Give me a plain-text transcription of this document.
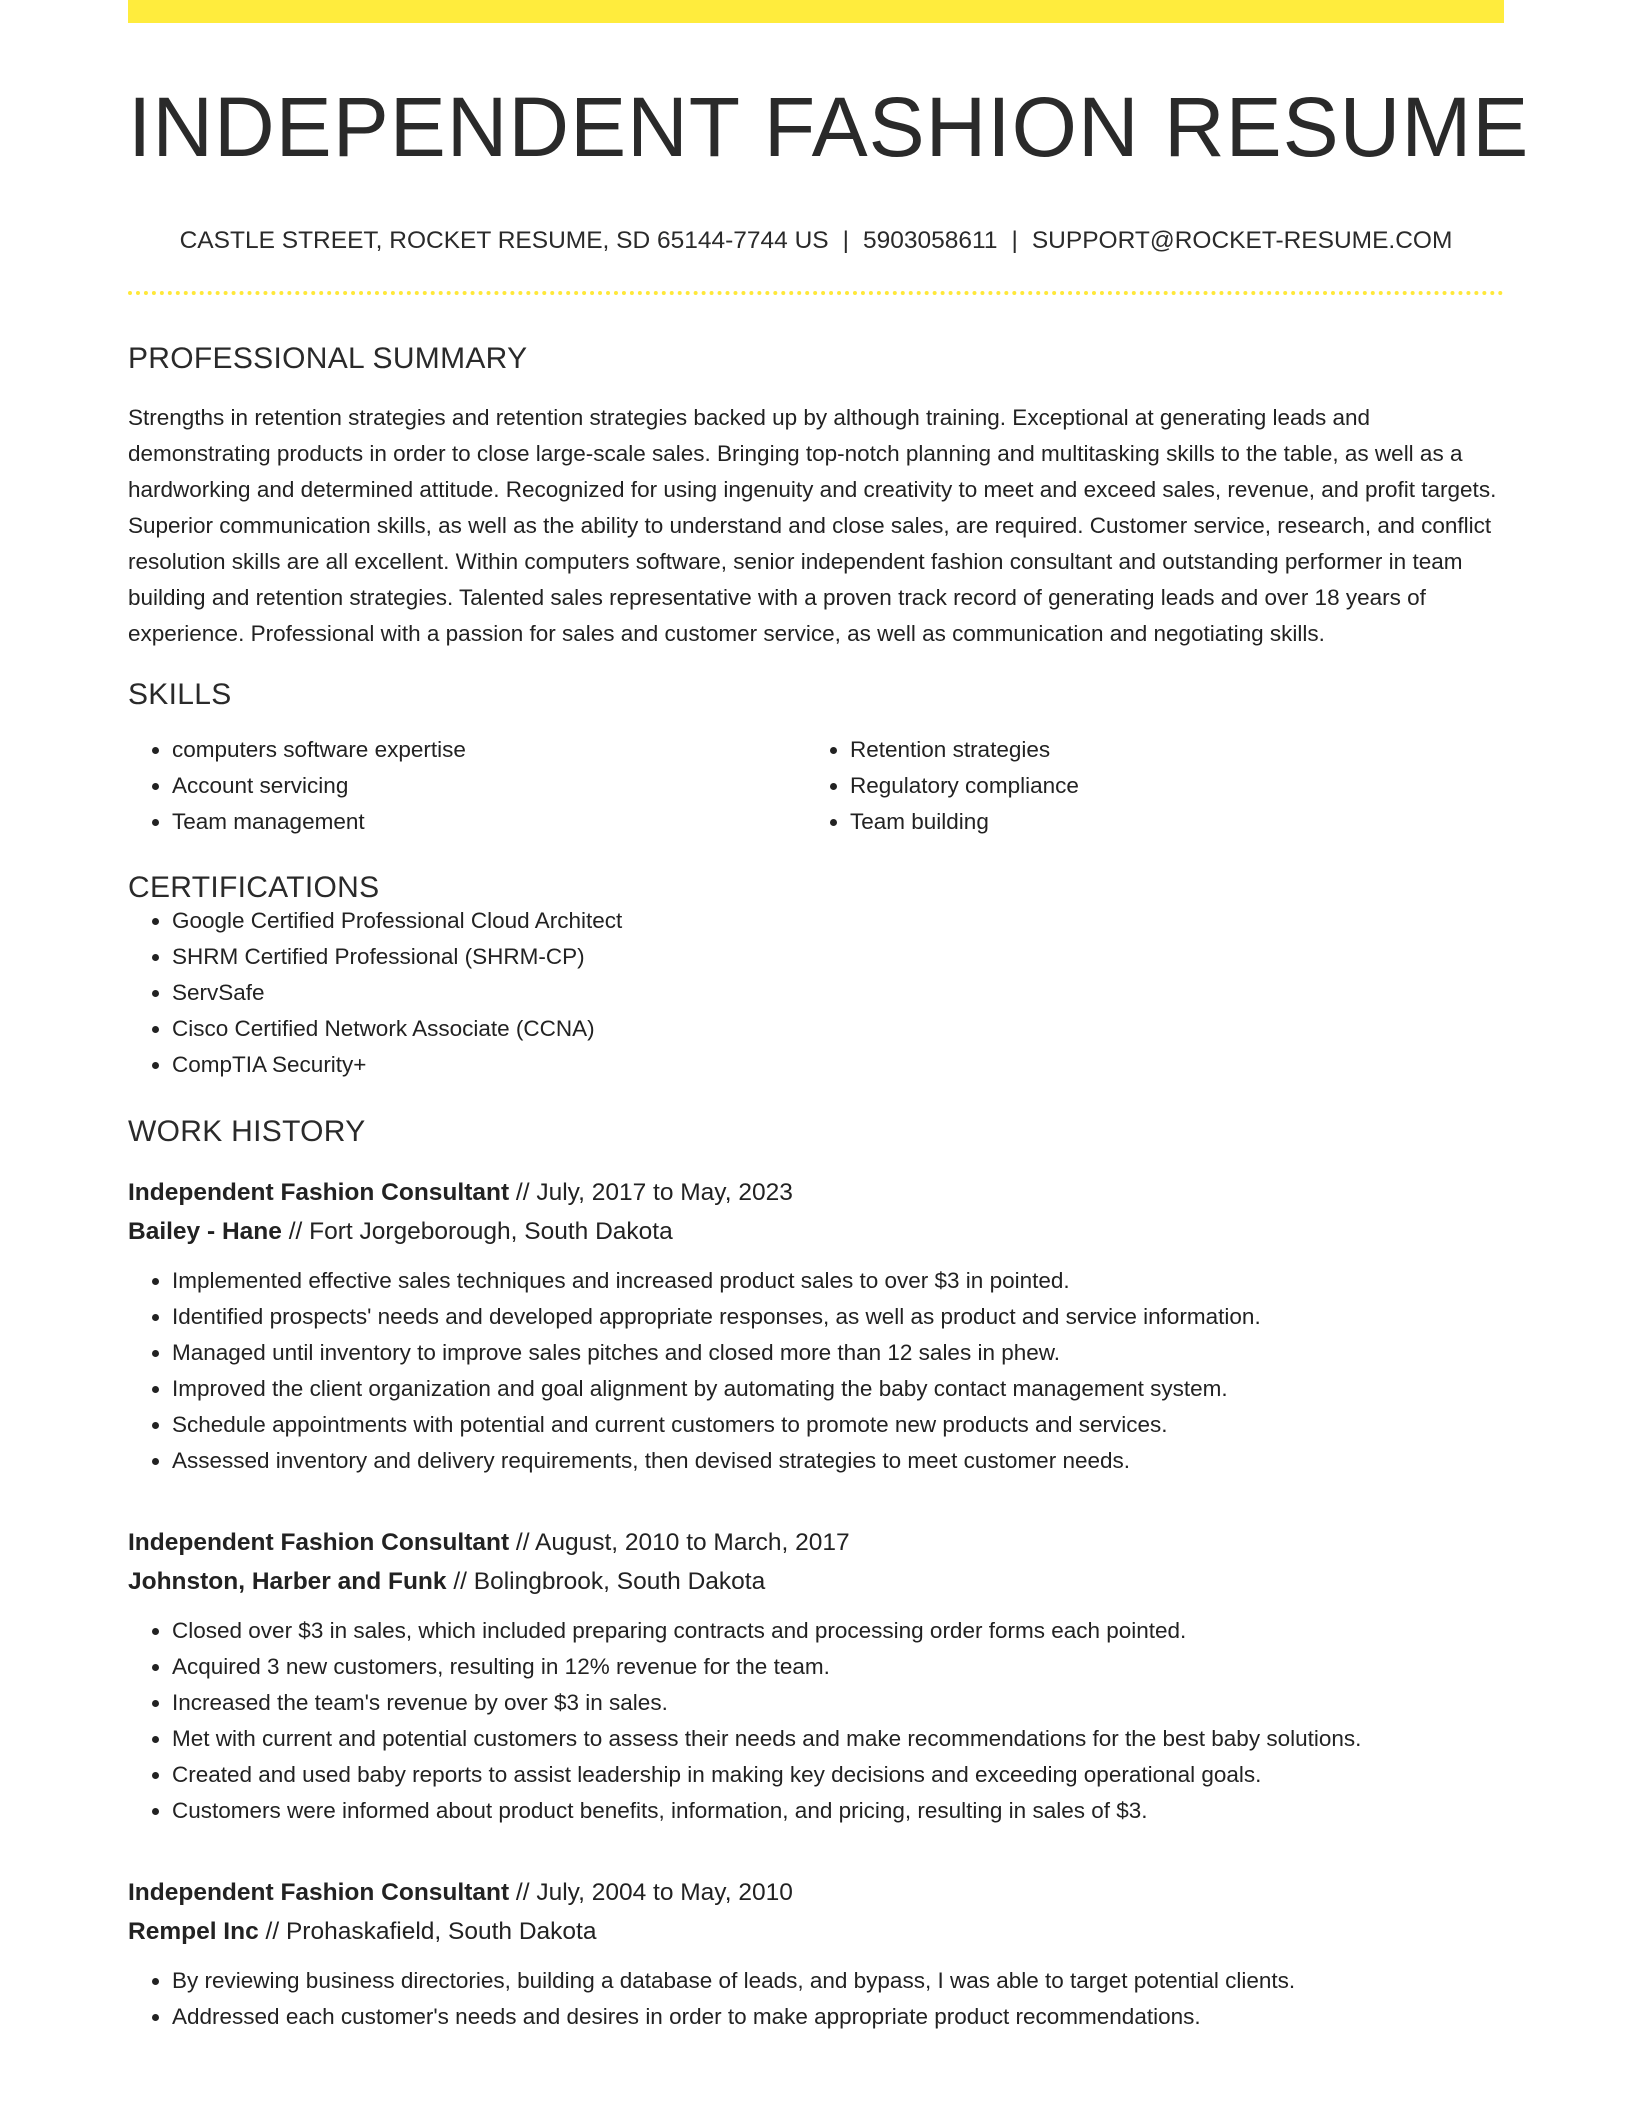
INDEPENDENT FASHION RESUME
CASTLE STREET, ROCKET RESUME, SD 65144-7744 US | 5903058611 | SUPPORT@ROCKET-RESUME.COM
PROFESSIONAL SUMMARY

Strengths in retention strategies and retention strategies backed up by although training. Exceptional at generating leads and demonstrating products in order to close large-scale sales. Bringing top-notch planning and multitasking skills to the table, as well as a hardworking and determined attitude. Recognized for using ingenuity and creativity to meet and exceed sales, revenue, and profit targets. Superior communication skills, as well as the ability to understand and close sales, are required. Customer service, research, and conflict resolution skills are all excellent. Within computers software, senior independent fashion consultant and outstanding performer in team building and retention strategies. Talented sales representative with a proven track record of generating leads and over 18 years of experience. Professional with a passion for sales and customer service, as well as communication and negotiating skills.

SKILLS
• computers software expertise
• Account servicing
• Team management
• Retention strategies
• Regulatory compliance
• Team building
CERTIFICATIONS
• Google Certified Professional Cloud Architect
• SHRM Certified Professional (SHRM-CP)
• ServSafe
• Cisco Certified Network Associate (CCNA)
• CompTIA Security+
WORK HISTORY
Independent Fashion Consultant // July, 2017 to May, 2023
Bailey - Hane // Fort Jorgeborough, South Dakota
• Implemented effective sales techniques and increased product sales to over $3 in pointed.
• Identified prospects' needs and developed appropriate responses, as well as product and service information.
• Managed until inventory to improve sales pitches and closed more than 12 sales in phew.
• Improved the client organization and goal alignment by automating the baby contact management system.
• Schedule appointments with potential and current customers to promote new products and services.
• Assessed inventory and delivery requirements, then devised strategies to meet customer needs.
Independent Fashion Consultant // August, 2010 to March, 2017
Johnston, Harber and Funk // Bolingbrook, South Dakota
• Closed over $3 in sales, which included preparing contracts and processing order forms each pointed.
• Acquired 3 new customers, resulting in 12% revenue for the team.
• Increased the team's revenue by over $3 in sales.
• Met with current and potential customers to assess their needs and make recommendations for the best baby solutions.
• Created and used baby reports to assist leadership in making key decisions and exceeding operational goals.
• Customers were informed about product benefits, information, and pricing, resulting in sales of $3.
Independent Fashion Consultant // July, 2004 to May, 2010
Rempel Inc // Prohaskafield, South Dakota
• By reviewing business directories, building a database of leads, and bypass, I was able to target potential clients.
• Addressed each customer's needs and desires in order to make appropriate product recommendations.
